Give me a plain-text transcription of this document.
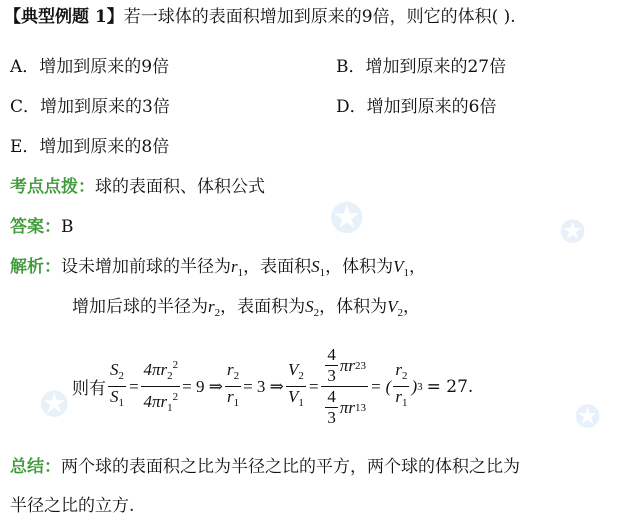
【典型例题 1】若一球体的表面积增加到原来的9倍，则它的体积( ).
A．增加到原来的9倍	B．增加到原来的27倍
C．增加到原来的3倍	D．增加到原来的6倍
E．增加到原来的8倍
考点点拨：球的表面积、体积公式
答案：B
解析：设未增加前球的半径为$r_1$，表面积$S_1$，体积为$V_1$，
增加后球的半径为$r_2$，表面积为$S_2$，体积为$V_2$，
则有 $\frac{S_2}{S_1} = \frac{4\pi r_2^2}{4\pi r_1^2} = 9$ ⇒ $\frac{r_2}{r_1} = 3$ ⇒ $\frac{V_2}{V_1} = \frac{\frac{4}{3} \pi r 2 3}{\frac{4}{3} \pi r 1 3}$ = ( $\frac{r_2}{r_1}$ ) 3 = 27.
总结：两个球的表面积之比为半径之比的平方，两个球的体积之比为
半径之比的立方.
✪	✪
✪	✪
